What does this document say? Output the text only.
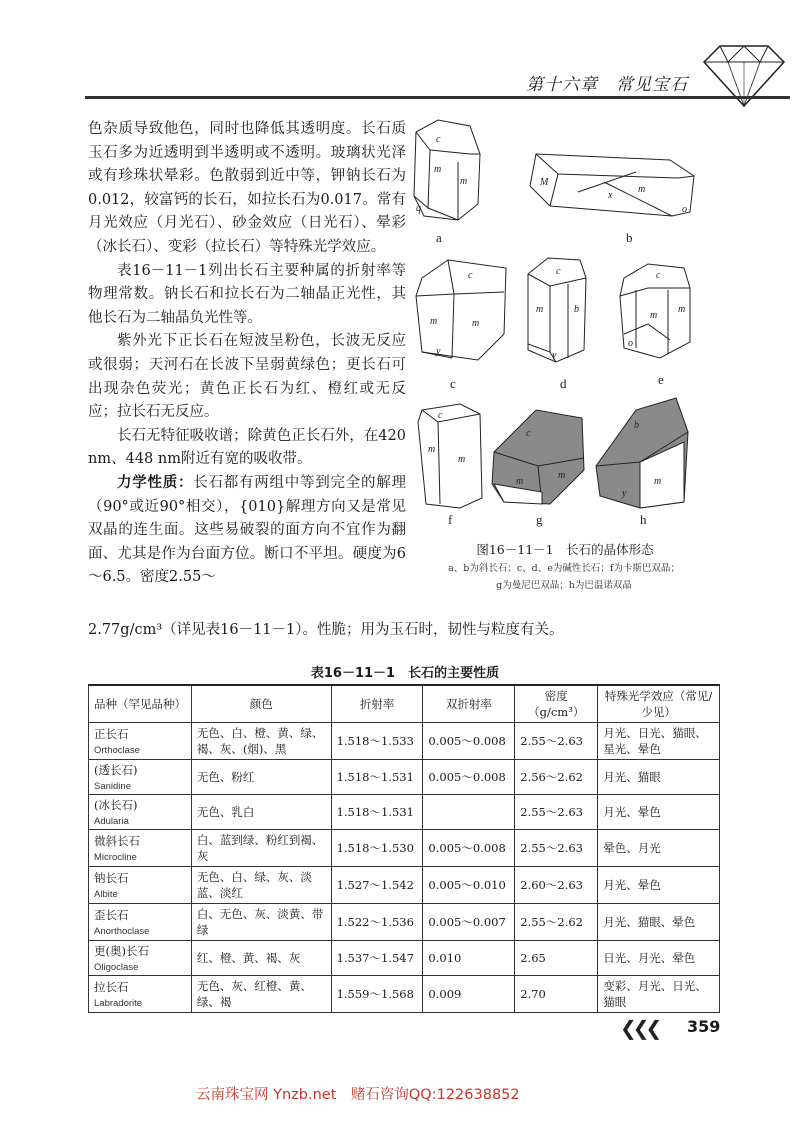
第十六章　常见宝石

色杂质导致他色，同时也降低其透明度。长石质玉石多为近透明到半透明或不透明。玻璃状光泽或有珍珠状晕彩。色散弱到近中等，钾钠长石为0.012，较富钙的长石，如拉长石为0.017。常有月光效应（月光石）、砂金效应（日光石）、晕彩（冰长石）、变彩（拉长石）等特殊光学效应。

表16－11－1列出长石主要种属的折射率等物理常数。钠长石和拉长石为二轴晶正光性，其他长石为二轴晶负光性等。

紫外光下正长石在短波呈粉色，长波无反应或很弱；天河石在长波下呈弱黄绿色；更长石可出现杂色荧光；黄色正长石为红、橙红或无反应；拉长石无反应。

长石无特征吸收谱；除黄色正长石外，在420 nm、448 nm附近有宽的吸收带。

力学性质：长石都有两组中等到完全的解理（90°或近90°相交），{010}解理方向又是常见双晶的连生面。这些易破裂的面方向不宜作为翻面、尤其是作为台面方位。断口不平坦。硬度为6～6.5。密度2.55～

2.77g/cm³（详见表16－11－1）。性脆；用为玉石时，韧性与粒度有关。
m
m
q
c
M
m
x
o
c
m	m
y
c
m	b
y
c
m
m
o
m
m
c
m
m
c
b
m
y
a	b
c	d	e
f	g	h
图16－11－1　长石的晶体形态
a、b为斜长石；c、d、e为碱性长石；f为卡斯巴双晶；
g为曼尼巴双晶；h为巴温诺双晶
表16－11－1　长石的主要性质
品种（罕见品种）	颜色	折射率	双折射率	密度（g/cm³）	特殊光学效应（常见/少见）

正长石
Orthoclase	无色、白、橙、黄、绿、褐、灰、(烟)、黑	1.518～1.533	0.005～0.008	2.55～2.63	月光、日光、猫眼、星光、晕色

(透长石)
Sanidine	无色、粉红	1.518～1.531	0.005～0.008	2.56～2.62	月光、猫眼

(冰长石)
Adularia	无色、乳白	1.518～1.531		2.55～2.63	月光、晕色

微斜长石
Microcline	白、蓝到绿、粉红到褐、灰	1.518～1.530	0.005～0.008	2.55～2.63	晕色、月光

钠长石
Albite	无色、白、绿、灰、淡蓝、淡红	1.527～1.542	0.005～0.010	2.60～2.63	月光、晕色

歪长石
Anorthoclase	白、无色、灰、淡黄、带绿	1.522～1.536	0.005～0.007	2.55～2.62	月光、猫眼、晕色

更(奥)长石
Oligoclase	红、橙、黄、褐、灰	1.537～1.547	0.010	2.65	日光、月光、晕色

拉长石
Labradorite	无色、灰、红橙、黄、绿、褐	1.559～1.568	0.009	2.70	变彩、月光、日光、猫眼
❮❮❮ 359
云南珠宝网 Ynzb.net　赌石咨询QQ:122638852
